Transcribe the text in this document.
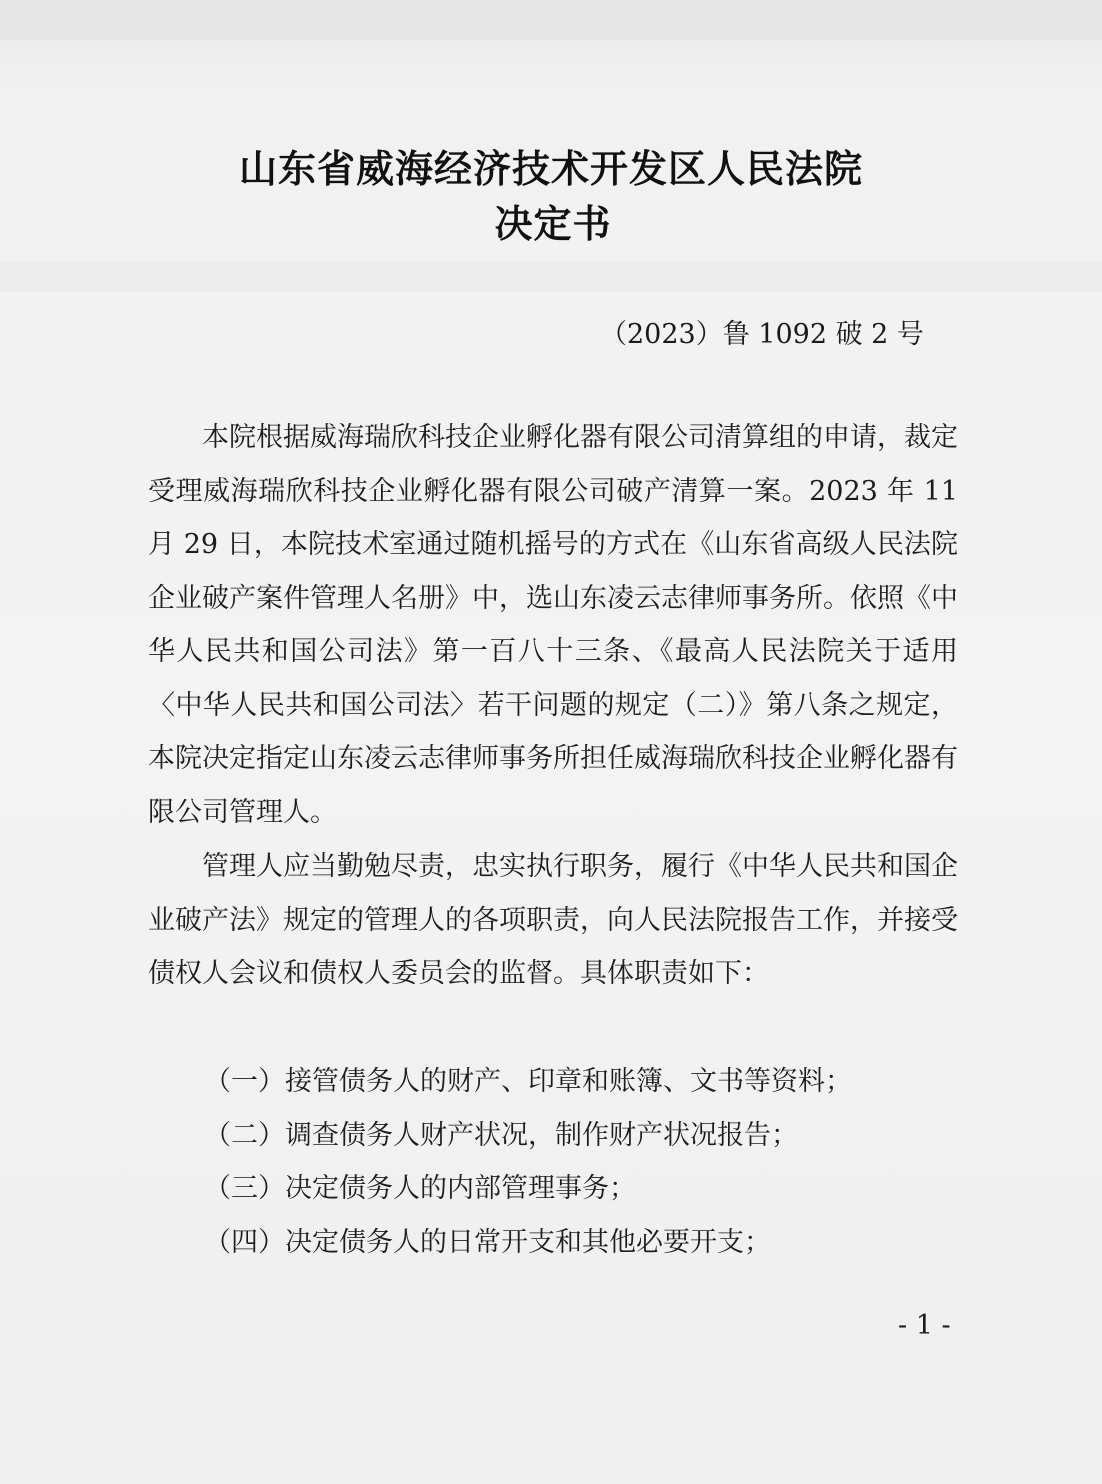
山东省威海经济技术开发区人民法院
决定书
（2023）鲁 1092 破 2 号

本院根据威海瑞欣科技企业孵化器有限公司清算组的申请，裁定受理威海瑞欣科技企业孵化器有限公司破产清算一案。2023 年 11 月 29 日，本院技术室通过随机摇号的方式在《山东省高级人民法院企业破产案件管理人名册》中，选山东凌云志律师事务所。依照《中华人民共和国公司法》第一百八十三条、《最高人民法院关于适用〈中华人民共和国公司法〉若干问题的规定（二）》第八条之规定，本院决定指定山东凌云志律师事务所担任威海瑞欣科技企业孵化器有限公司管理人。

管理人应当勤勉尽责，忠实执行职务，履行《中华人民共和国企业破产法》规定的管理人的各项职责，向人民法院报告工作，并接受债权人会议和债权人委员会的监督。具体职责如下：

（一）接管债务人的财产、印章和账簿、文书等资料；
（二）调查债务人财产状况，制作财产状况报告；
（三）决定债务人的内部管理事务；
（四）决定债务人的日常开支和其他必要开支；
- 1 -
